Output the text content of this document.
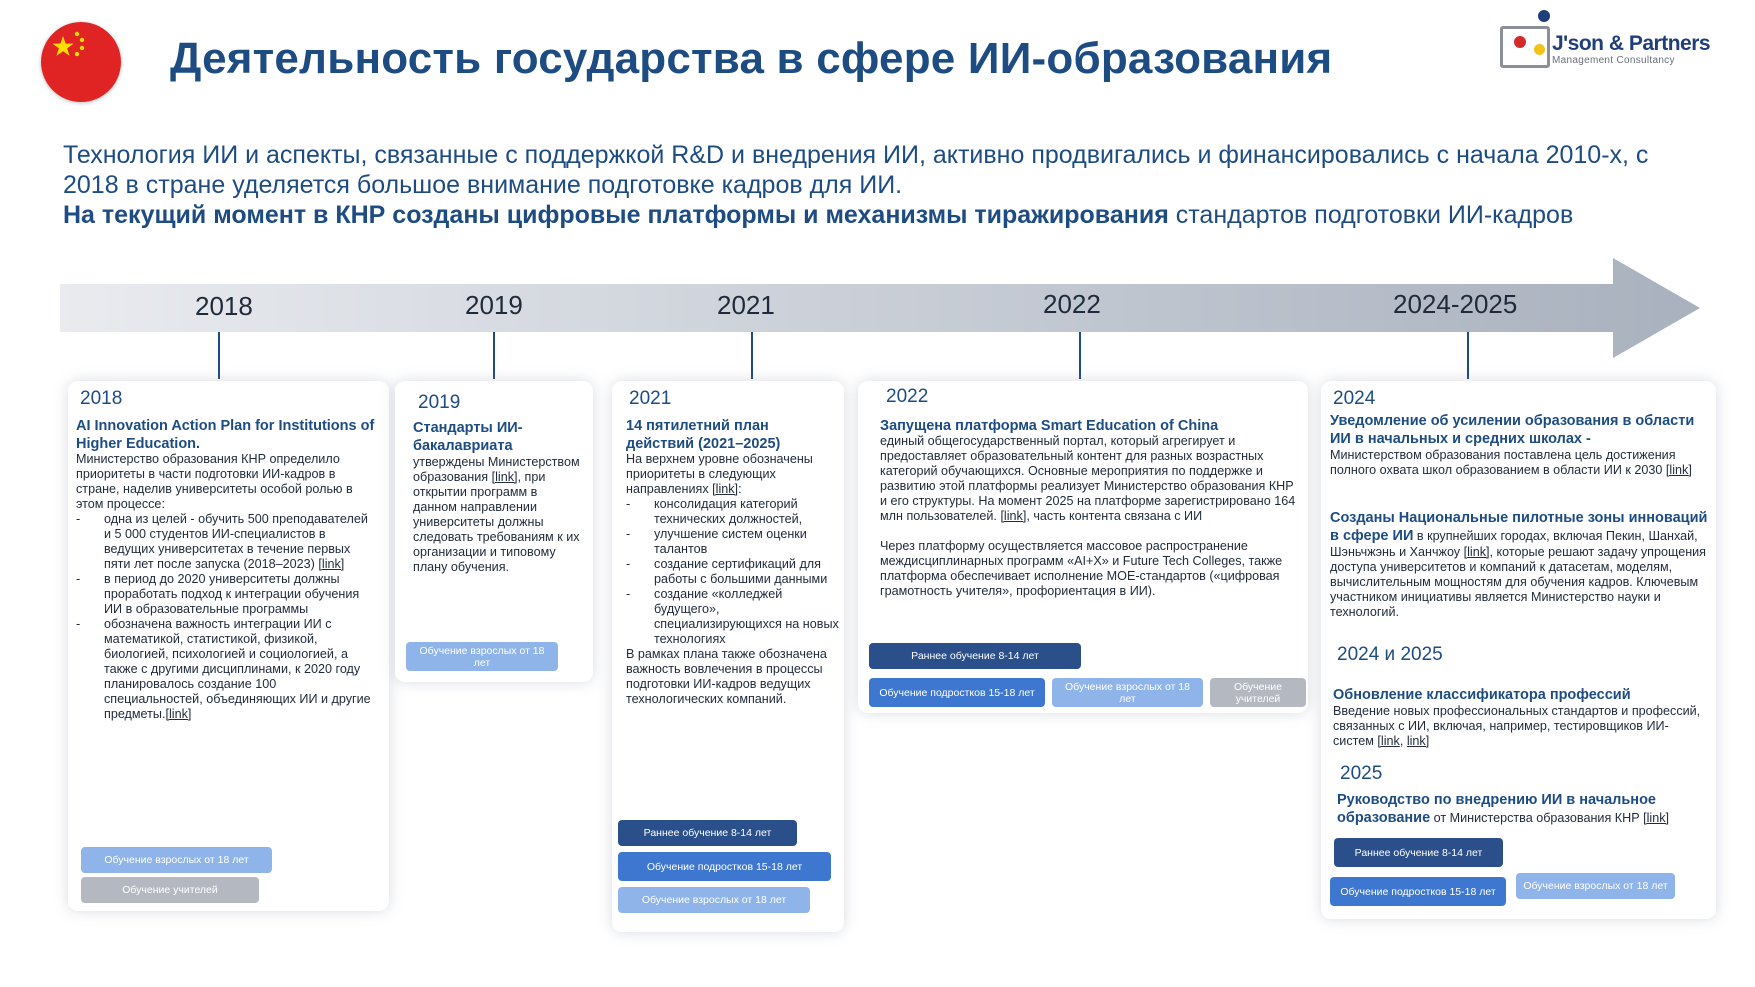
Деятельность государства в сфере ИИ-образования	J'son & Partners
Management Consultancy
Технология ИИ и аспекты, связанные с поддержкой R&D и внедрения ИИ, активно продвигались и финансировались с начала 2010-х, с 2018 в стране уделяется большое внимание подготовке кадров для ИИ.
На текущий момент в КНР созданы цифровые платформы и механизмы тиражирования стандартов подготовки ИИ-кадров
2018	2019	2021	2022	2024-2025
2018
AI Innovation Action Plan for Institutions of Higher Education.
Министерство образования КНР определило приоритеты в части подготовки ИИ-кадров в стране, наделив университеты особой ролью в этом процессе:
- одна из целей - обучить 500 преподавателей и 5 000 студентов ИИ-специалистов в ведущих университетах в течение первых пяти лет после запуска (2018–2023) [link]
- в период до 2020 университеты должны проработать подход к интеграции обучения ИИ в образовательные программы
- обозначена важность интеграции ИИ с математикой, статистикой, физикой, биологией, психологией и социологией, а также с другими дисциплинами, к 2020 году планировалось создание 100 специальностей, объединяющих ИИ и другие предметы.[link]
Обучение взрослых от 18 лет
Обучение учителей
2019
Стандарты ИИ-бакалавриата
утверждены Министерством образования [link], при открытии программ в данном направлении университеты должны следовать требованиям к их организации и типовому плану обучения.
Обучение взрослых от 18 лет
2021
14 пятилетний план действий (2021–2025)
На верхнем уровне обозначены приоритеты в следующих направлениях [link]:
- консолидация категорий технических должностей,
- улучшение систем оценки талантов
- создание сертификаций для работы с большими данными
- создание «колледжей будущего», специализирующихся на новых технологиях
В рамках плана также обозначена важность вовлечения в процессы подготовки ИИ-кадров ведущих технологических компаний.
Раннее обучение 8-14 лет
Обучение подростков 15-18 лет
Обучение взрослых от 18 лет
2022
Запущена платформа Smart Education of China
единый общегосударственный портал, который агрегирует и предоставляет образовательный контент для разных возрастных категорий обучающихся. Основные мероприятия по поддержке и развитию этой платформы реализует Министерство образования КНР и его структуры. На момент 2025 на платформе зарегистрировано 164 млн пользователей. [link], часть контента связана с ИИ
Через платформу осуществляется массовое распространение междисциплинарных программ «AI+X» и Future Tech Colleges, также платформа обеспечивает исполнение МОЕ-стандартов («цифровая грамотность учителя», профориентация в ИИ).
Раннее обучение 8-14 лет
Обучение подростков 15-18 лет	Обучение взрослых от 18 лет
Обучение учителей
2024
Уведомление об усилении образования в области ИИ в начальных и средних школах -
Министерством образования поставлена цель достижения полного охвата школ образованием в области ИИ к 2030 [link]
Созданы Национальные пилотные зоны инноваций в сфере ИИ в крупнейших городах, включая Пекин, Шанхай, Шэньчжэнь и Ханчжоу [link], которые решают задачу упрощения доступа университетов и компаний к датасетам, моделям, вычислительным мощностям для обучения кадров. Ключевым участником инициативы является Министерство науки и технологий.
2024 и 2025
Обновление классификатора профессий
Введение новых профессиональных стандартов и профессий, связанных с ИИ, включая, например, тестировщиков ИИ-систем [link, link]
2025
Руководство по внедрению ИИ в начальное образование от Министерства образования КНР [link]
Раннее обучение 8-14 лет
Обучение подростков 15-18 лет	Обучение взрослых от 18 лет
